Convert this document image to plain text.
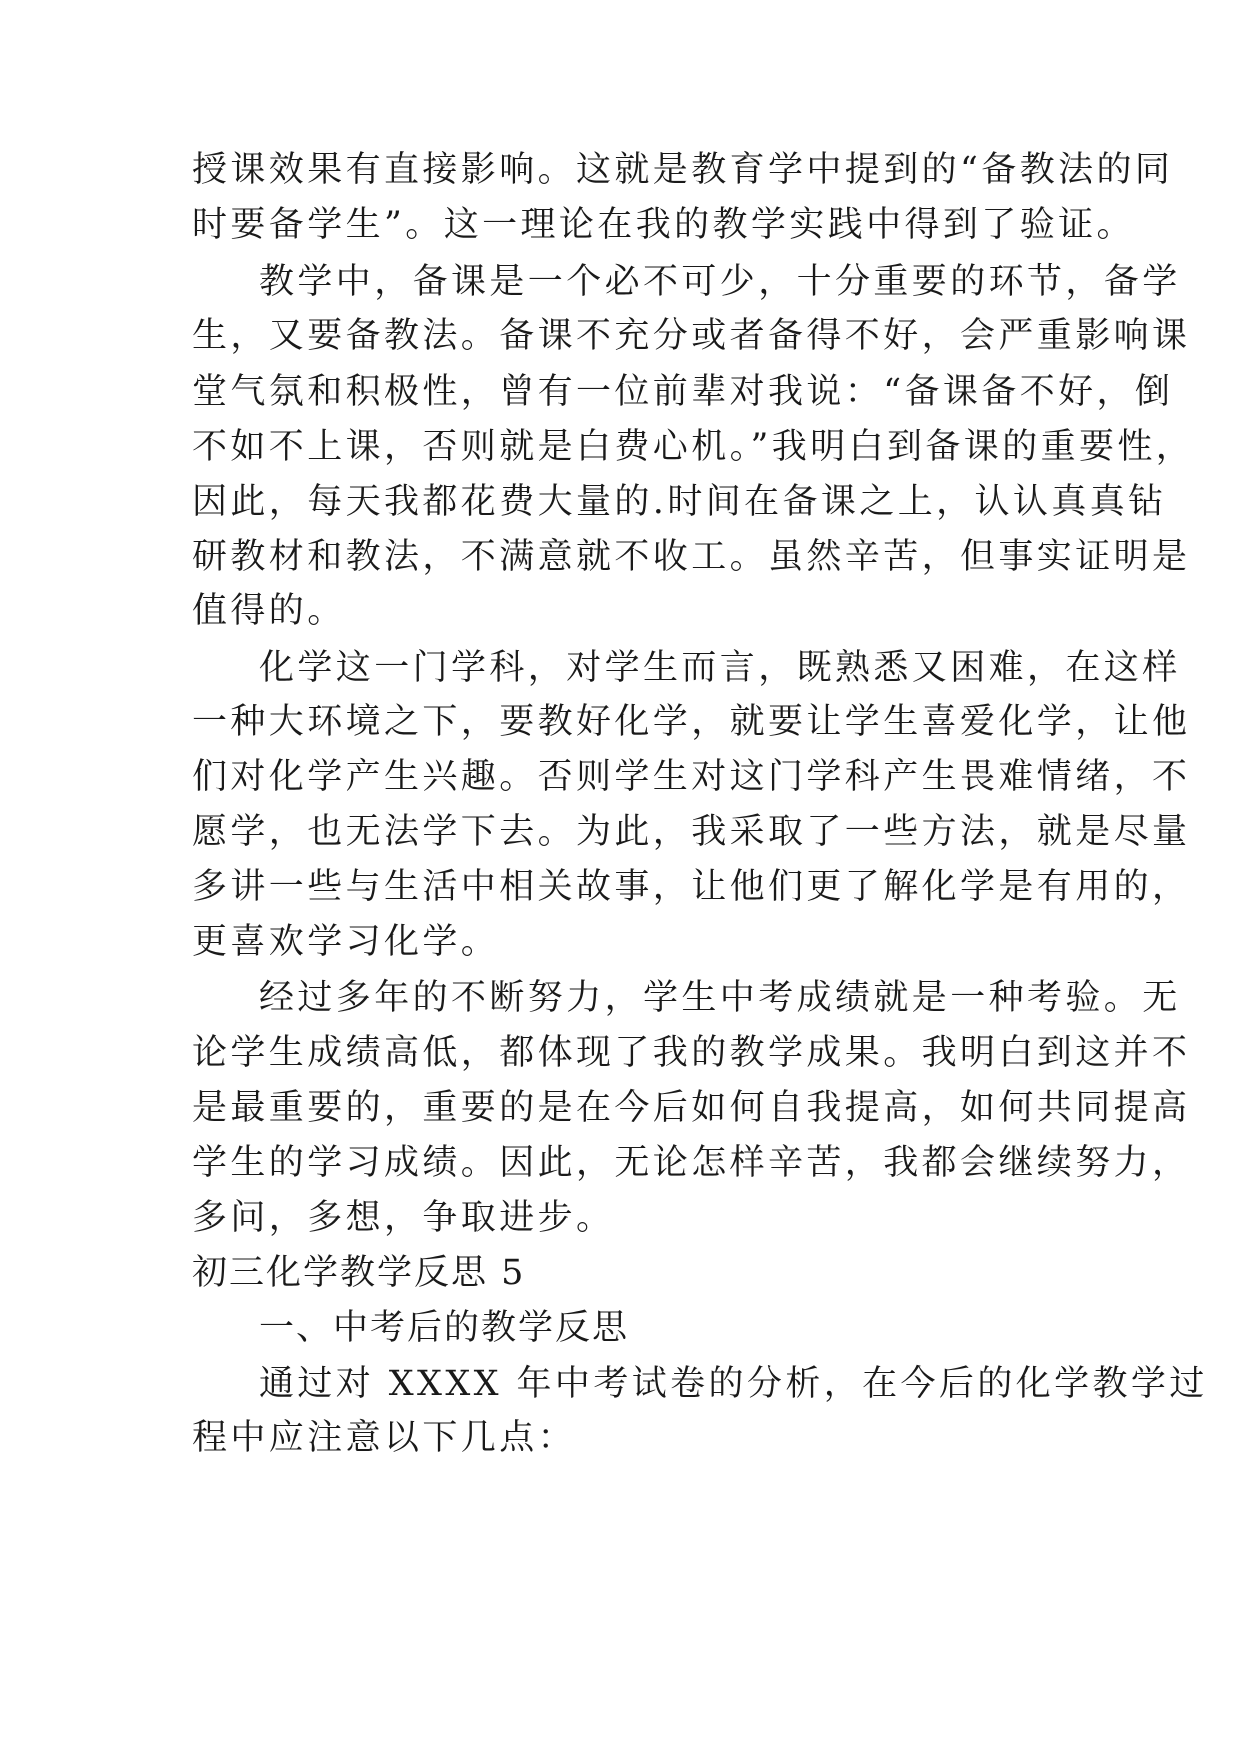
授课效果有直接影响。这就是教育学中提到的“备教法的同
时要备学生”。这一理论在我的教学实践中得到了验证。
教学中，备课是一个必不可少，十分重要的环节，备学
生，又要备教法。备课不充分或者备得不好，会严重影响课
堂气氛和积极性，曾有一位前辈对我说：“备课备不好，倒
不如不上课，否则就是白费心机。”我明白到备课的重要性，
因此，每天我都花费大量的.时间在备课之上，认认真真钻
研教材和教法，不满意就不收工。虽然辛苦，但事实证明是
值得的。
化学这一门学科，对学生而言，既熟悉又困难，在这样
一种大环境之下，要教好化学，就要让学生喜爱化学，让他
们对化学产生兴趣。否则学生对这门学科产生畏难情绪，不
愿学，也无法学下去。为此，我采取了一些方法，就是尽量
多讲一些与生活中相关故事，让他们更了解化学是有用的，
更喜欢学习化学。
经过多年的不断努力，学生中考成绩就是一种考验。无
论学生成绩高低，都体现了我的教学成果。我明白到这并不
是最重要的，重要的是在今后如何自我提高，如何共同提高
学生的学习成绩。因此，无论怎样辛苦，我都会继续努力，
多问，多想，争取进步。
初三化学教学反思 5
一、中考后的教学反思
通过对 XXXX 年中考试卷的分析，在今后的化学教学过
程中应注意以下几点：
